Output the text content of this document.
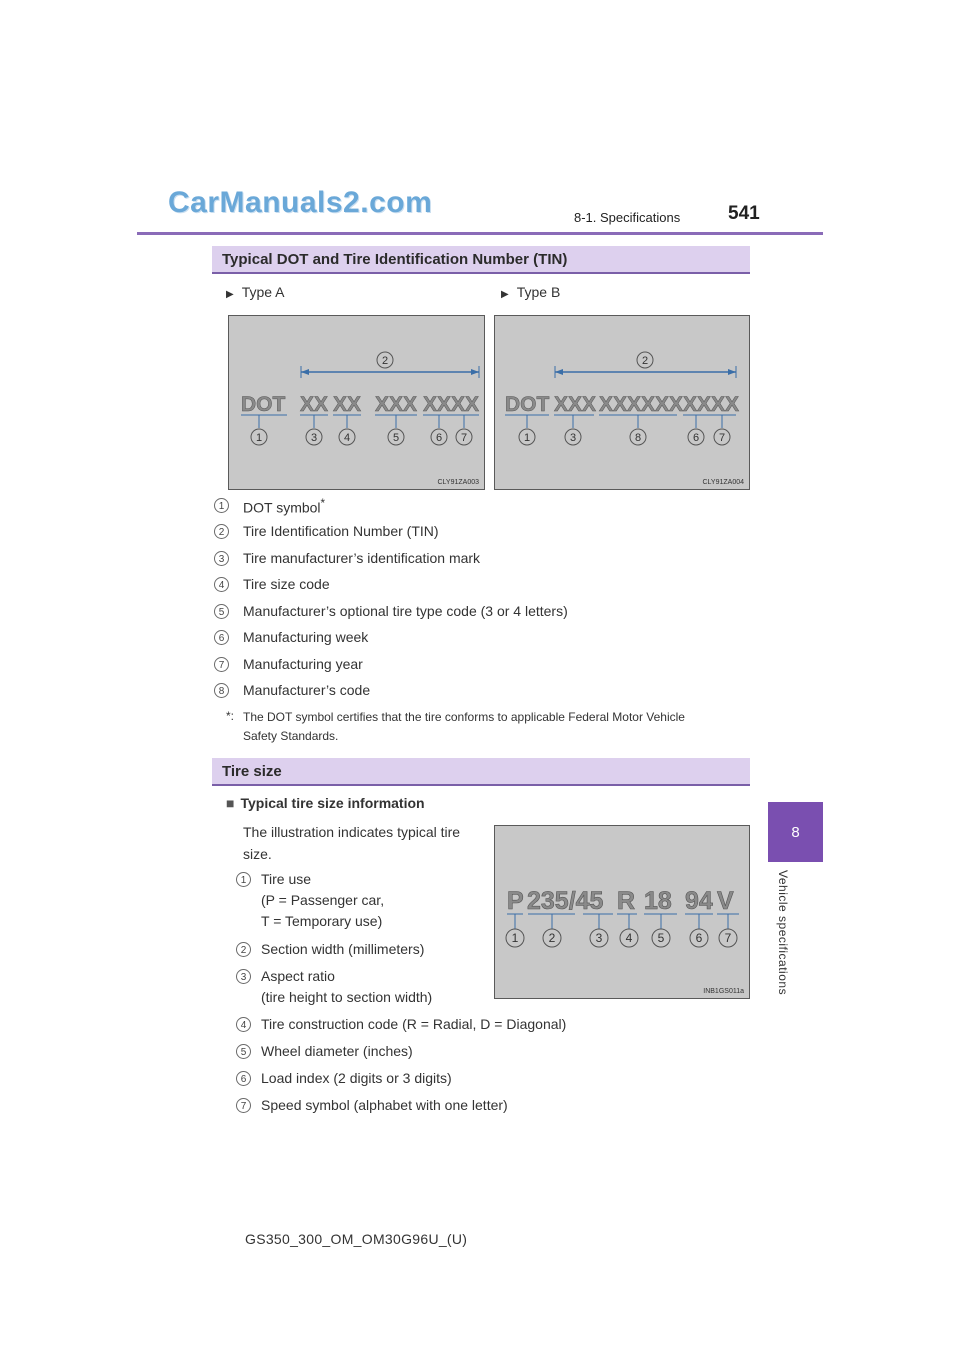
CarManuals2.com	8-1. Specifications	541
8
Vehicle specifications
Typical DOT and Tire Identification Number (TIN)
▶ Type A	▶ Type B
2
DOT XX XX XXX XXXX
1	3 4	5	6 7
CLY91ZA003
2
DOT XXX XXXXXX XXXX
1	3	8	6 7
CLY91ZA004
1	DOT symbol*
2	Tire Identification Number (TIN)
3	Tire manufacturer’s identification mark
4	Tire size code
5	Manufacturer’s optional tire type code (3 or 4 letters)
6	Manufacturing week
7	Manufacturing year
8	Manufacturer’s code
*: The DOT symbol certifies that the tire conforms to applicable Federal Motor Vehicle
Safety Standards.
Tire size
■ Typical tire size information
The illustration indicates typical tire
size.
P 235/45 R 18 94 V
1	2	3 4 5	6 7
INB1GS011a
1	Tire use
(P = Passenger car,
T = Temporary use)
2	Section width (millimeters)
3	Aspect ratio
(tire height to section width)
4	Tire construction code (R = Radial, D = Diagonal)
5	Wheel diameter (inches)
6	Load index (2 digits or 3 digits)
7	Speed symbol (alphabet with one letter)
GS350_300_OM_OM30G96U_(U)
